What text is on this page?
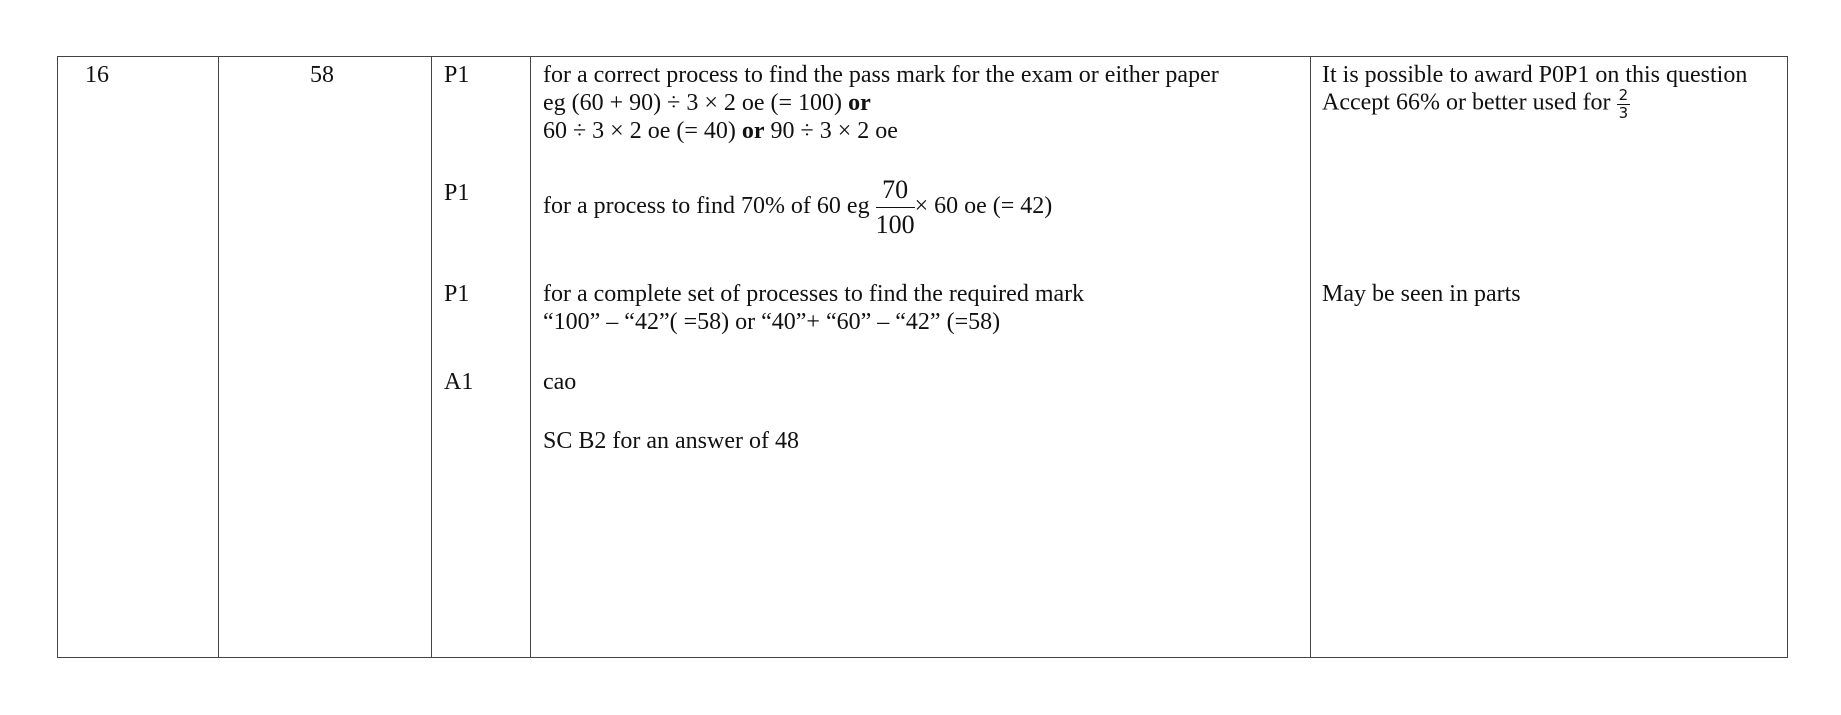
16	58	P1
P1
P1
A1
for a correct process to find the pass mark for the exam or either paper
eg (60 + 90) ÷ 3 × 2 oe (= 100) or
60 ÷ 3 × 2 oe (= 40) or 90 ÷ 3 × 2 oe
for a process to find 70% of 60 eg $\frac{70}{100} \times 60$ oe (= 42)
for a complete set of processes to find the required mark
“100” – “42”( =58) or “40”+ “60” – “42” (=58)
cao
SC B2 for an answer of 48
It is possible to award P0P1 on this question
Accept 66% or better used for $\frac{2}{3}$
May be seen in parts
